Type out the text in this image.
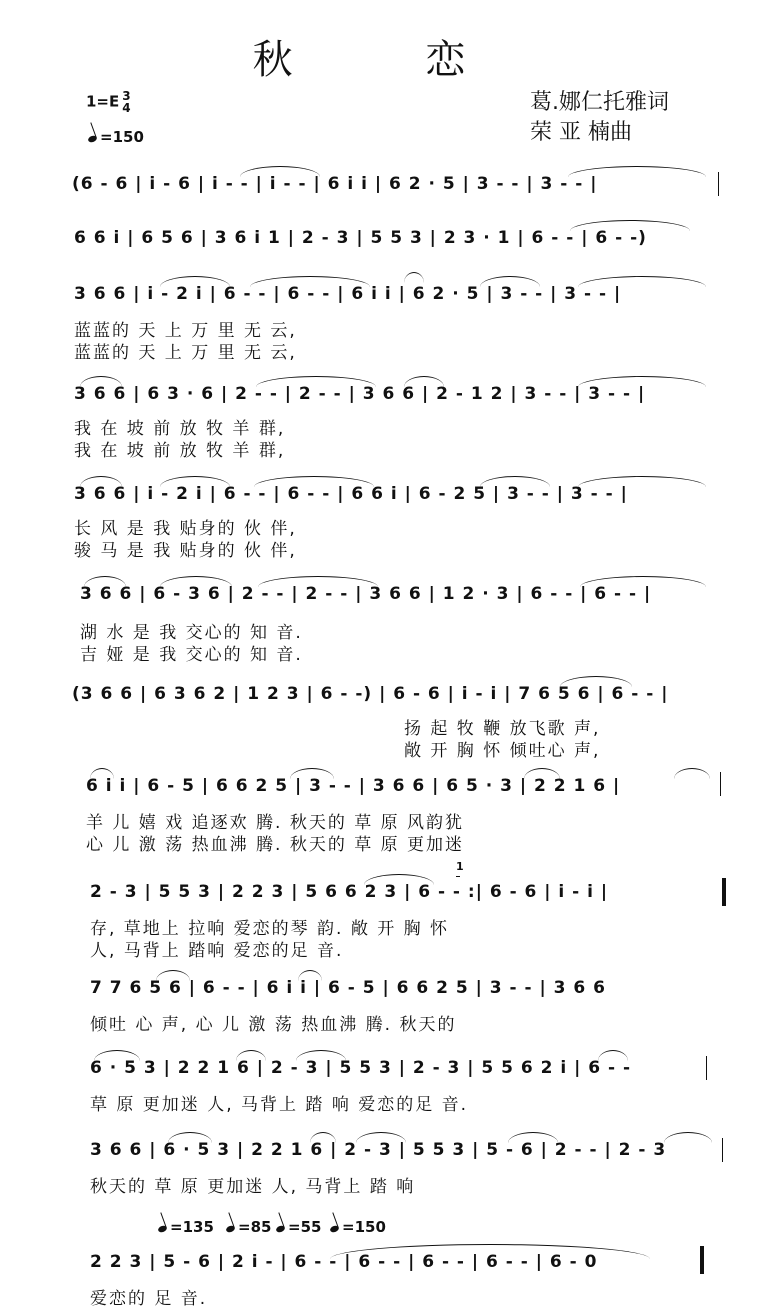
秋 恋
1=E 3
4
=150
葛.娜仁托雅词
荣 亚 楠曲
(6 - 6 | i - 6 | i - - | i - - | 6 i i | 6 2 · 5 | 3 - - | 3 - - |
6 6 i | 6 5 6 | 3 6 i 1 | 2 - 3 | 5 5 3 | 2 3 · 1 | 6 - - | 6 - -)
3 6 6 | i - 2 i | 6 - - | 6 - - | 6 i i | 6 2 · 5 | 3 - - | 3 - - |
蓝蓝的 天 上 万 里 无 云,
蓝蓝的 天 上 万 里 无 云,
3 6 6 | 6 3 · 6 | 2 - - | 2 - - | 3 6 6 | 2 - 1 2 | 3 - - | 3 - - |
我 在 坡 前 放 牧 羊 群,
我 在 坡 前 放 牧 羊 群,
3 6 6 | i - 2 i | 6 - - | 6 - - | 6 6 i | 6 - 2 5 | 3 - - | 3 - - |
长 风 是 我 贴身的 伙 伴,
骏 马 是 我 贴身的 伙 伴,
3 6 6 | 6 - 3 6 | 2 - - | 2 - - | 3 6 6 | 1 2 · 3 | 6 - - | 6 - - |
湖 水 是 我 交心的 知 音.
吉 娅 是 我 交心的 知 音.
(3 6 6 | 6 3 6 2 | 1 2 3 | 6 - -) | 6 - 6 | i - i | 7 6 5 6 | 6 - - |
扬 起 牧 鞭 放飞歌 声,
敞 开 胸 怀 倾吐心 声,
6 i i | 6 - 5 | 6 6 2 5 | 3 - - | 3 6 6 | 6 5 · 3 | 2 2 1 6 |
羊 儿 嬉 戏 追逐欢 腾. 秋天的 草 原 风韵犹
心 儿 激 荡 热血沸 腾. 秋天的 草 原 更加迷
1
2 - 3 | 5 5 3 | 2 2 3 | 5 6 6 2 3 | 6 - - :| 6 - 6 | i - i |
存, 草地上 拉响 爱恋的琴 韵. 敞 开 胸 怀
人, 马背上 踏响 爱恋的足 音.
7 7 6 5 6 | 6 - - | 6 i i | 6 - 5 | 6 6 2 5 | 3 - - | 3 6 6
倾吐 心 声, 心 儿 激 荡 热血沸 腾. 秋天的
6 · 5 3 | 2 2 1 6 | 2 - 3 | 5 5 3 | 2 - 3 | 5 5 6 2 i | 6 - -
草 原 更加迷 人, 马背上 踏 响 爱恋的足 音.
3 6 6 | 6 · 5 3 | 2 2 1 6 | 2 - 3 | 5 5 3 | 5 - 6 | 2 - - | 2 - 3
秋天的 草 原 更加迷 人, 马背上 踏 响
=135	=85	=55	=150
2 2 3 | 5 - 6 | 2 i - | 6 - - | 6 - - | 6 - - | 6 - - | 6 - 0
爱恋的 足 音.
